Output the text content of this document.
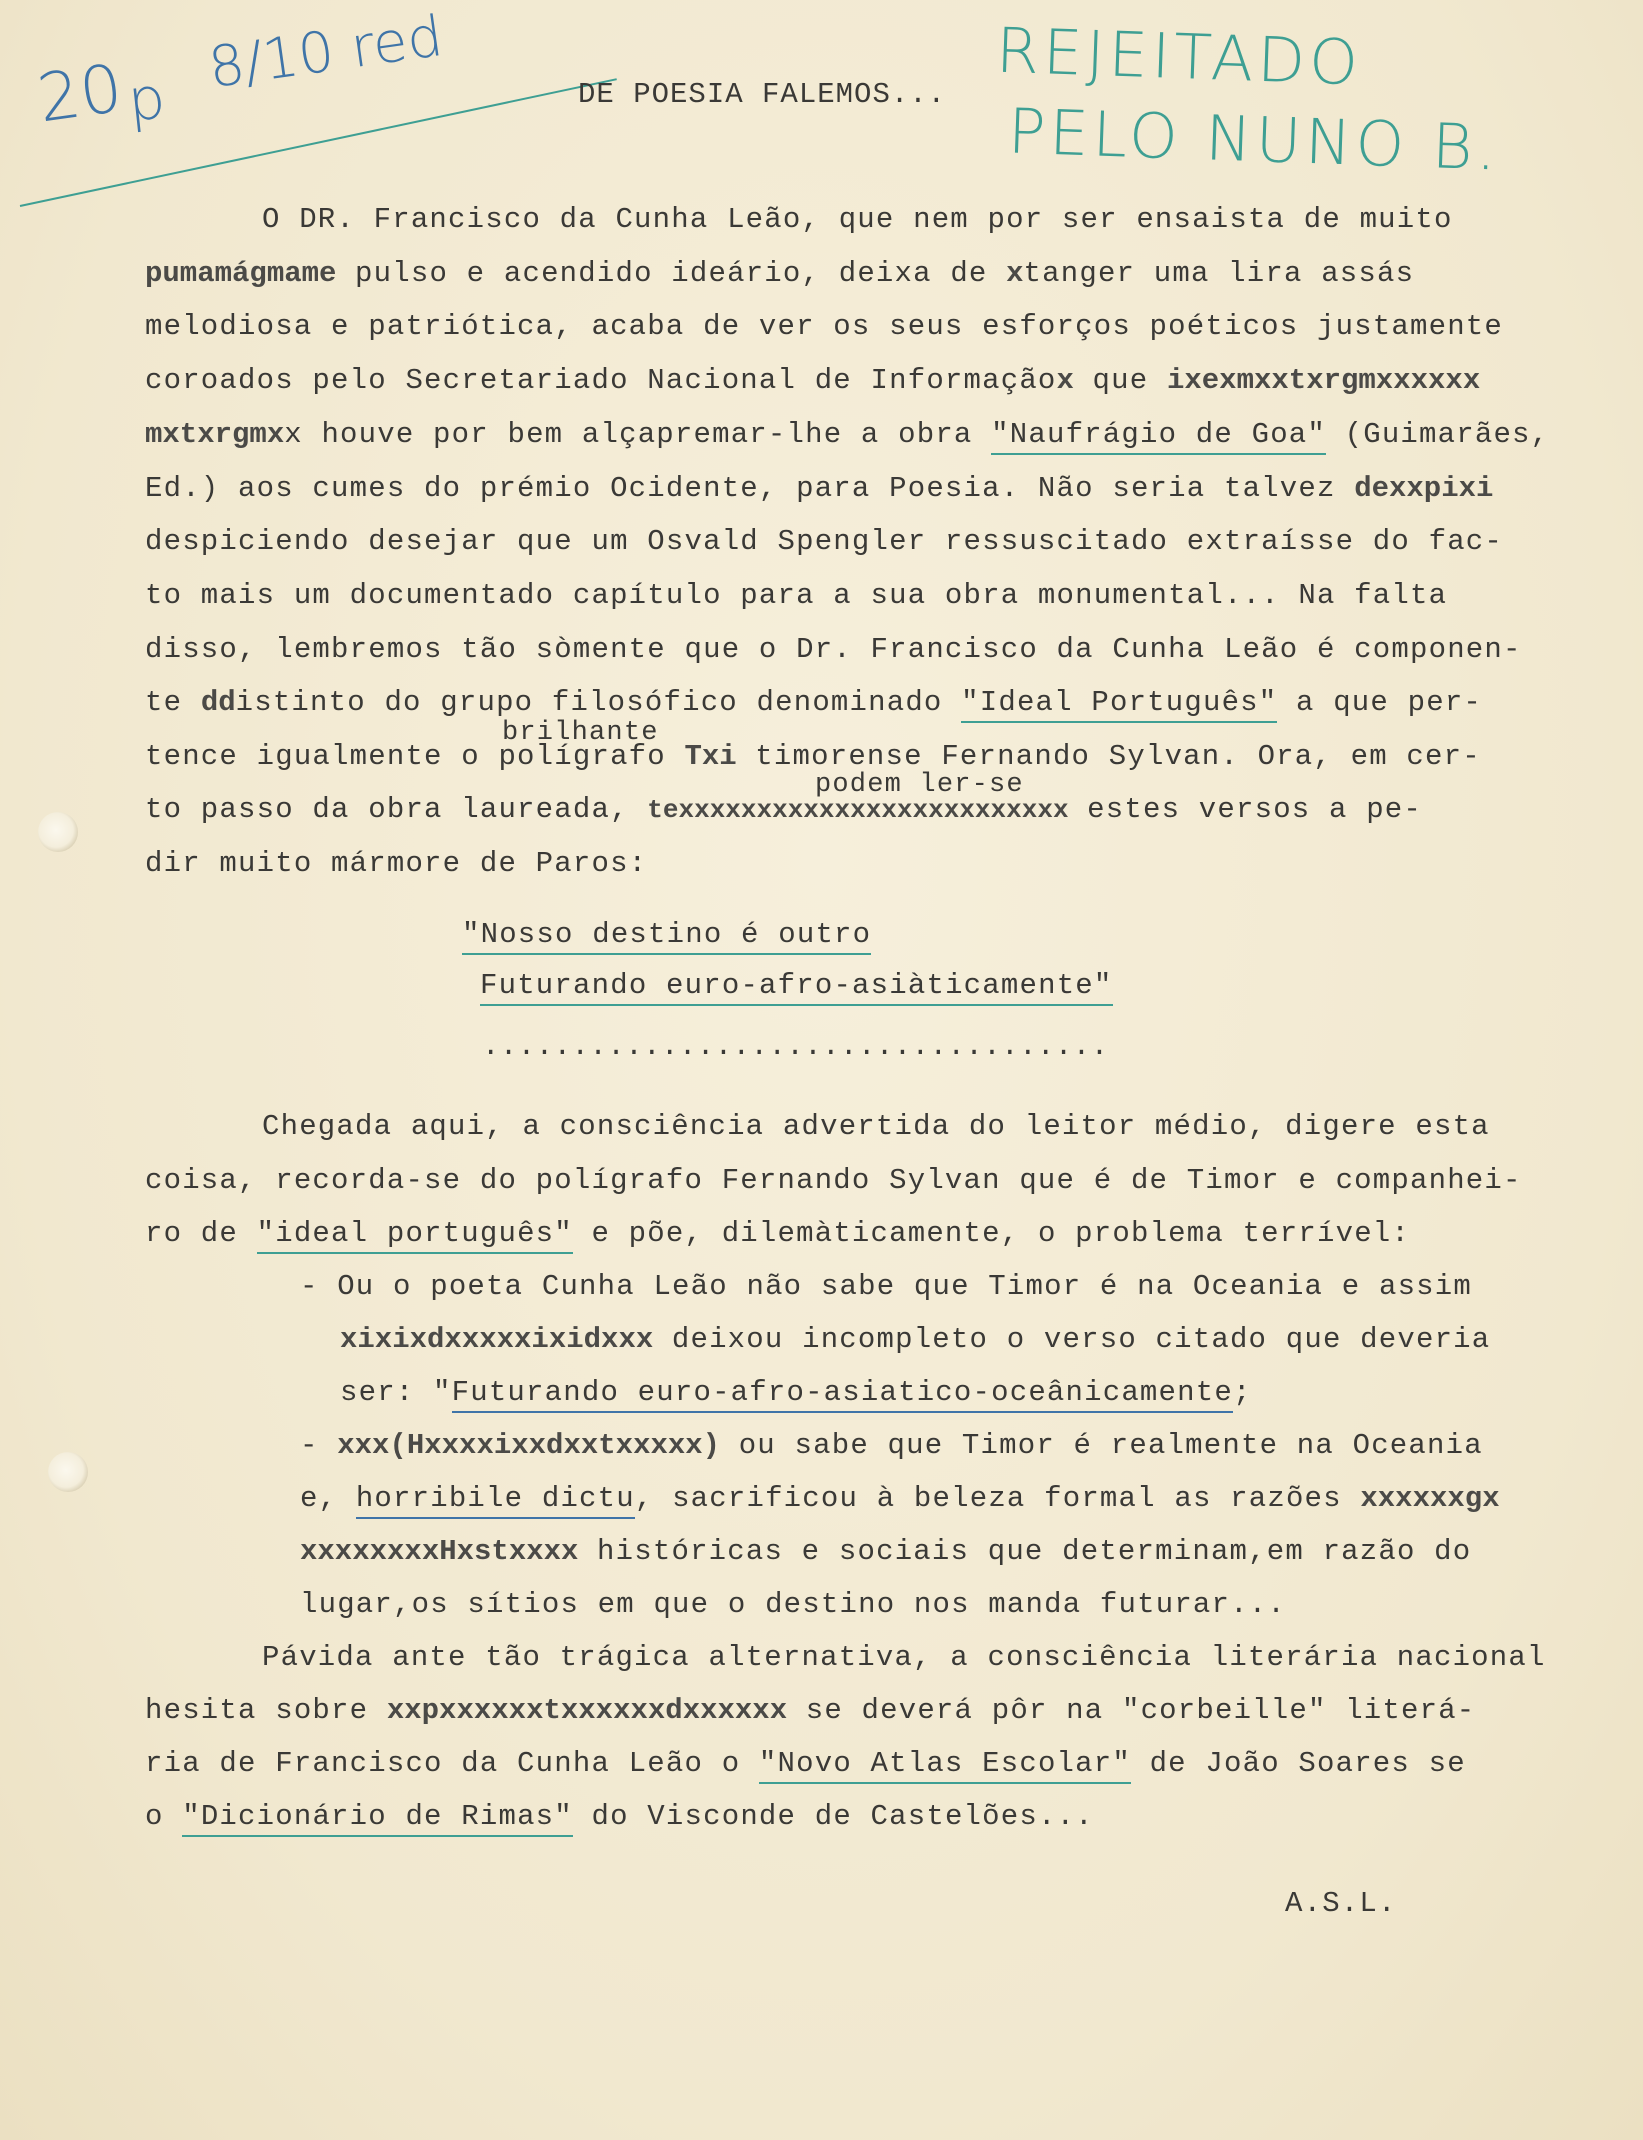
20
p 8/10 red	REJEITADO
PELO NUNO B.
DE POESIA FALEMOS...
O DR. Francisco da Cunha Leão, que nem por ser ensaista de muito
pumamágmame pulso e acendido ideário, deixa de xtanger uma lira assás
melodiosa e patriótica, acaba de ver os seus esforços poéticos justamente
coroados pelo Secretariado Nacional de Informaçãox que ixexmxxtxrgmxxxxxx
mxtxrgmxx houve por bem alçapremar-lhe a obra "Naufrágio de Goa" (Guimarães,
Ed.) aos cumes do prémio Ocidente, para Poesia. Não seria talvez dexxpixi
despiciendo desejar que um Osvald Spengler ressuscitado extraísse do fac-
to mais um documentado capítulo para a sua obra monumental... Na falta
disso, lembremos tão sòmente que o Dr. Francisco da Cunha Leão é componen-
te ddistinto do grupo filosófico denominado "Ideal Português" a que per-
brilhante
tence igualmente o polígrafo Txi timorense Fernando Sylvan. Ora, em cer-
podem ler-se
to passo da obra laureada, texxxxxxxxxxxxxxxxxxxxxxxxx estes versos a pe-
dir muito mármore de Paros:
"Nosso destino é outro
Futurando euro-afro-asiàticamente"
...................................
Chegada aqui, a consciência advertida do leitor médio, digere esta
coisa, recorda-se do polígrafo Fernando Sylvan que é de Timor e companhei-
ro de "ideal português" e põe, dilemàticamente, o problema terrível:
- Ou o poeta Cunha Leão não sabe que Timor é na Oceania e assim
xixixdxxxxxixidxxx deixou incompleto o verso citado que deveria
ser: "Futurando euro-afro-asiatico-oceânicamente;
- xxx(Hxxxxixxdxxtxxxxx) ou sabe que Timor é realmente na Oceania
e, horribile dictu, sacrificou à beleza formal as razões xxxxxxgx
xxxxxxxxHxstxxxx históricas e sociais que determinam,em razão do
lugar,os sítios em que o destino nos manda futurar...
Pávida ante tão trágica alternativa, a consciência literária nacional
hesita sobre xxpxxxxxxtxxxxxxdxxxxxx se deverá pôr na "corbeille" literá-
ria de Francisco da Cunha Leão o "Novo Atlas Escolar" de João Soares se
o "Dicionário de Rimas" do Visconde de Castelões...
A.S.L.
